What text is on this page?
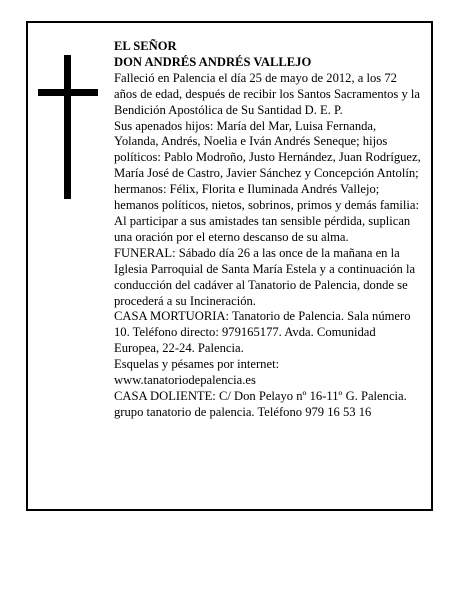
EL SEÑOR

DON ANDRÉS ANDRÉS VALLEJO

Falleció en Palencia el día 25 de mayo de 2012, a los 72 años de edad, después de recibir los Santos Sacramentos y la Bendición Apostólica de Su Santidad D. E. P.

Sus apenados hijos: María del Mar, Luisa Fernanda, Yolanda, Andrés, Noelia e Iván Andrés Seneque; hijos políticos: Pablo Modroño, Justo Hernández, Juan Rodríguez, María José de Castro, Javier Sánchez y Concepción Antolín; hermanos: Félix, Florita e Iluminada Andrés Vallejo; hemanos políticos, nietos, sobrinos, primos y demás familia:

Al participar a sus amistades tan sensible pérdida, suplican una oración por el eterno descanso de su alma.

FUNERAL: Sábado día 26 a las once de la mañana en la Iglesia Parroquial de Santa María Estela y a continuación la conducción del cadáver al Tanatorio de Palencia, donde se procederá a su Incineración.

CASA MORTUORIA: Tanatorio de Palencia. Sala número 10. Teléfono directo: 979165177. Avda. Comunidad Europea, 22-24. Palencia.

Esquelas y pésames por internet: www.tanatoriodepalencia.es

CASA DOLIENTE: C/ Don Pelayo nº 16-11º G. Palencia.

grupo tanatorio de palencia. Teléfono 979 16 53 16
